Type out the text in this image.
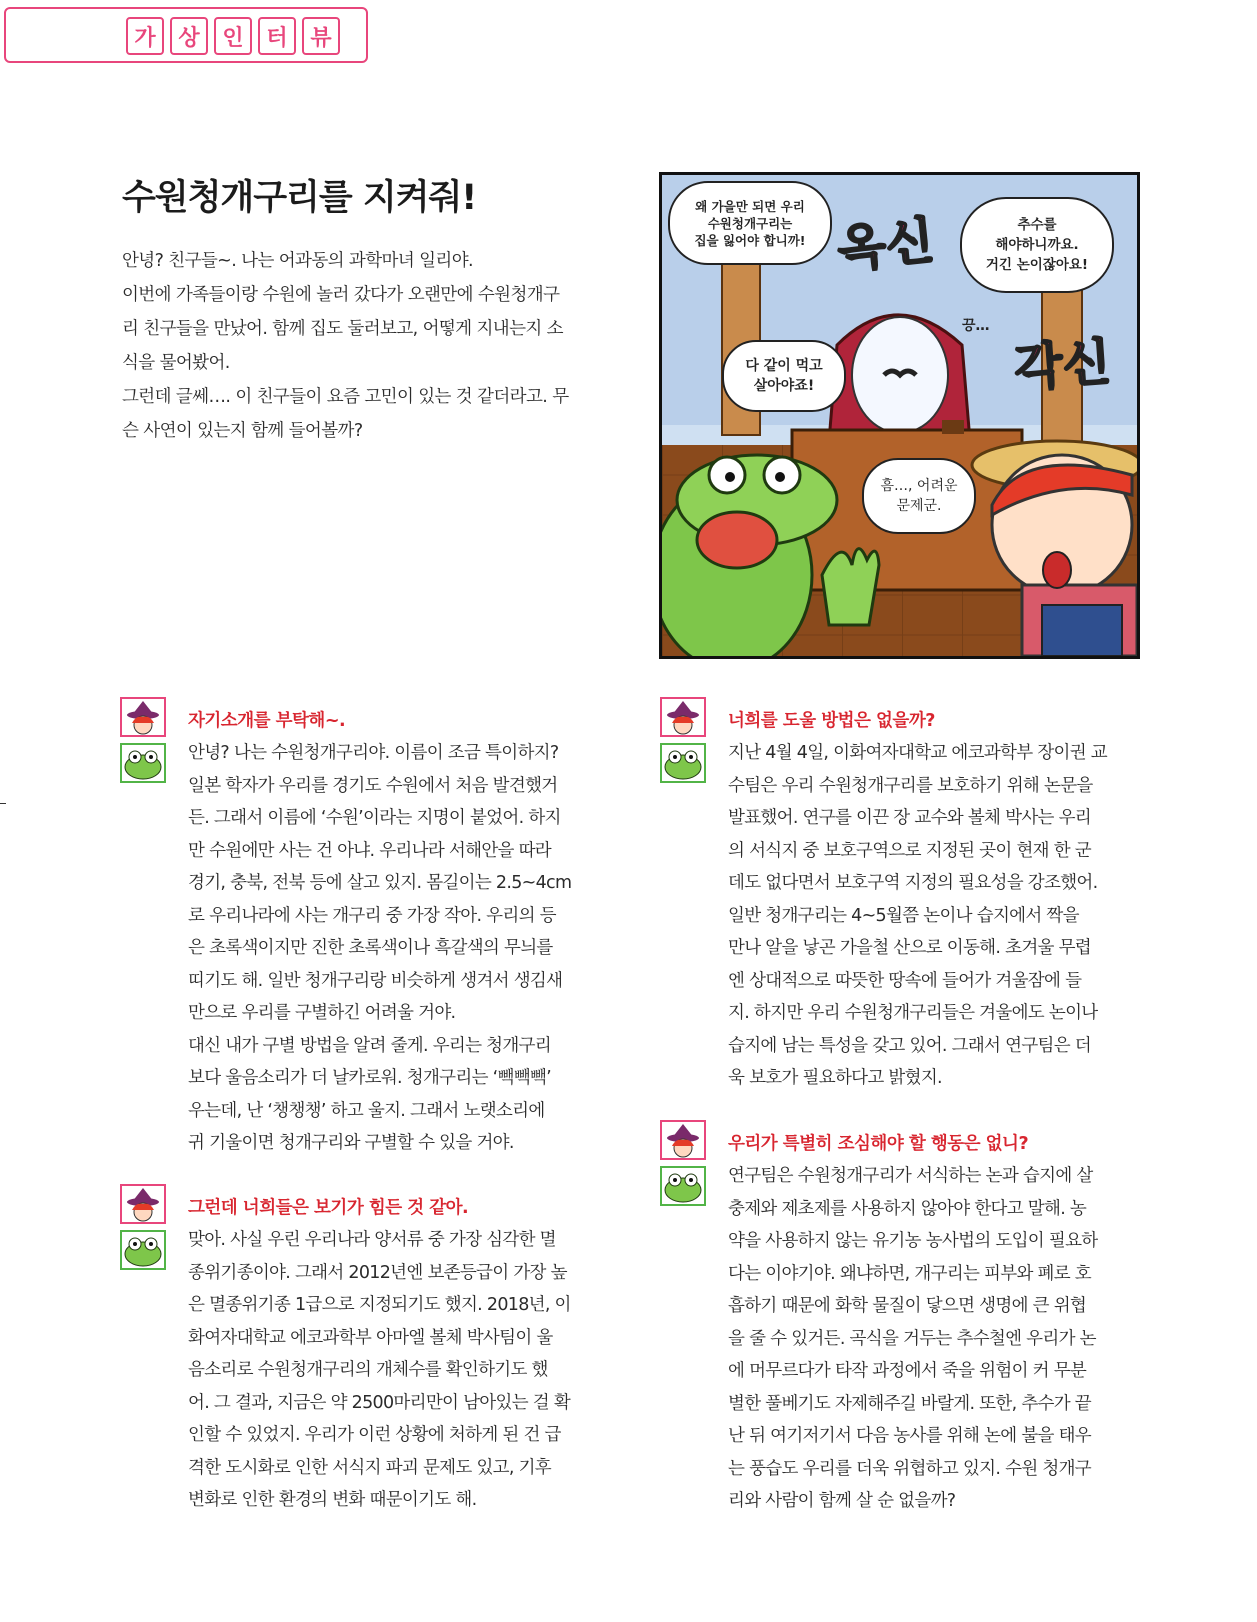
가	상	인	터	뷰
수원청개구리를 지켜줘!

안녕? 친구들~. 나는 어과동의 과학마녀 일리야.

이번에 가족들이랑 수원에 놀러 갔다가 오랜만에 수원청개구

리 친구들을 만났어. 함께 집도 둘러보고, 어떻게 지내는지 소

식을 물어봤어.

그런데 글쎄…. 이 친구들이 요즘 고민이 있는 것 같더라고. 무

슨 사연이 있는지 함께 들어볼까?

왜 가을만 되면 우리
수원청개구리는
집을 잃어야 합니까! 옥신	추수를
해야하니까요.
거긴 논이잖아요!
끙…
다 같이 먹고
살아야죠!	각신
흠…, 어려운
문제군.
자기소개를 부탁해~.

안녕? 나는 수원청개구리야. 이름이 조금 특이하지?

일본 학자가 우리를 경기도 수원에서 처음 발견했거

든. 그래서 이름에 ‘수원’이라는 지명이 붙었어. 하지

만 수원에만 사는 건 아냐. 우리나라 서해안을 따라

경기, 충북, 전북 등에 살고 있지. 몸길이는 2.5~4cm

로 우리나라에 사는 개구리 중 가장 작아. 우리의 등

은 초록색이지만 진한 초록색이나 흑갈색의 무늬를

띠기도 해. 일반 청개구리랑 비슷하게 생겨서 생김새

만으로 우리를 구별하긴 어려울 거야.

대신 내가 구별 방법을 알려 줄게. 우리는 청개구리

보다 울음소리가 더 날카로워. 청개구리는 ‘빽빽빽’

우는데, 난 ‘챙챙챙’ 하고 울지. 그래서 노랫소리에

귀 기울이면 청개구리와 구별할 수 있을 거야.

그런데 너희들은 보기가 힘든 것 같아.

맞아. 사실 우린 우리나라 양서류 중 가장 심각한 멸

종위기종이야. 그래서 2012년엔 보존등급이 가장 높

은 멸종위기종 1급으로 지정되기도 했지. 2018년, 이

화여자대학교 에코과학부 아마엘 볼체 박사팀이 울

음소리로 수원청개구리의 개체수를 확인하기도 했

어. 그 결과, 지금은 약 2500마리만이 남아있는 걸 확

인할 수 있었지. 우리가 이런 상황에 처하게 된 건 급

격한 도시화로 인한 서식지 파괴 문제도 있고, 기후

변화로 인한 환경의 변화 때문이기도 해.

너희를 도울 방법은 없을까?

지난 4월 4일, 이화여자대학교 에코과학부 장이권 교

수팀은 우리 수원청개구리를 보호하기 위해 논문을

발표했어. 연구를 이끈 장 교수와 볼체 박사는 우리

의 서식지 중 보호구역으로 지정된 곳이 현재 한 군

데도 없다면서 보호구역 지정의 필요성을 강조했어.

일반 청개구리는 4~5월쯤 논이나 습지에서 짝을

만나 알을 낳곤 가을철 산으로 이동해. 초겨울 무렵

엔 상대적으로 따뜻한 땅속에 들어가 겨울잠에 들

지. 하지만 우리 수원청개구리들은 겨울에도 논이나

습지에 남는 특성을 갖고 있어. 그래서 연구팀은 더

욱 보호가 필요하다고 밝혔지.

우리가 특별히 조심해야 할 행동은 없니?

연구팀은 수원청개구리가 서식하는 논과 습지에 살

충제와 제초제를 사용하지 않아야 한다고 말해. 농

약을 사용하지 않는 유기농 농사법의 도입이 필요하

다는 이야기야. 왜냐하면, 개구리는 피부와 폐로 호

흡하기 때문에 화학 물질이 닿으면 생명에 큰 위협

을 줄 수 있거든. 곡식을 거두는 추수철엔 우리가 논

에 머무르다가 타작 과정에서 죽을 위험이 커 무분

별한 풀베기도 자제해주길 바랄게. 또한, 추수가 끝

난 뒤 여기저기서 다음 농사를 위해 논에 불을 태우

는 풍습도 우리를 더욱 위협하고 있지. 수원 청개구

리와 사람이 함께 살 순 없을까?
